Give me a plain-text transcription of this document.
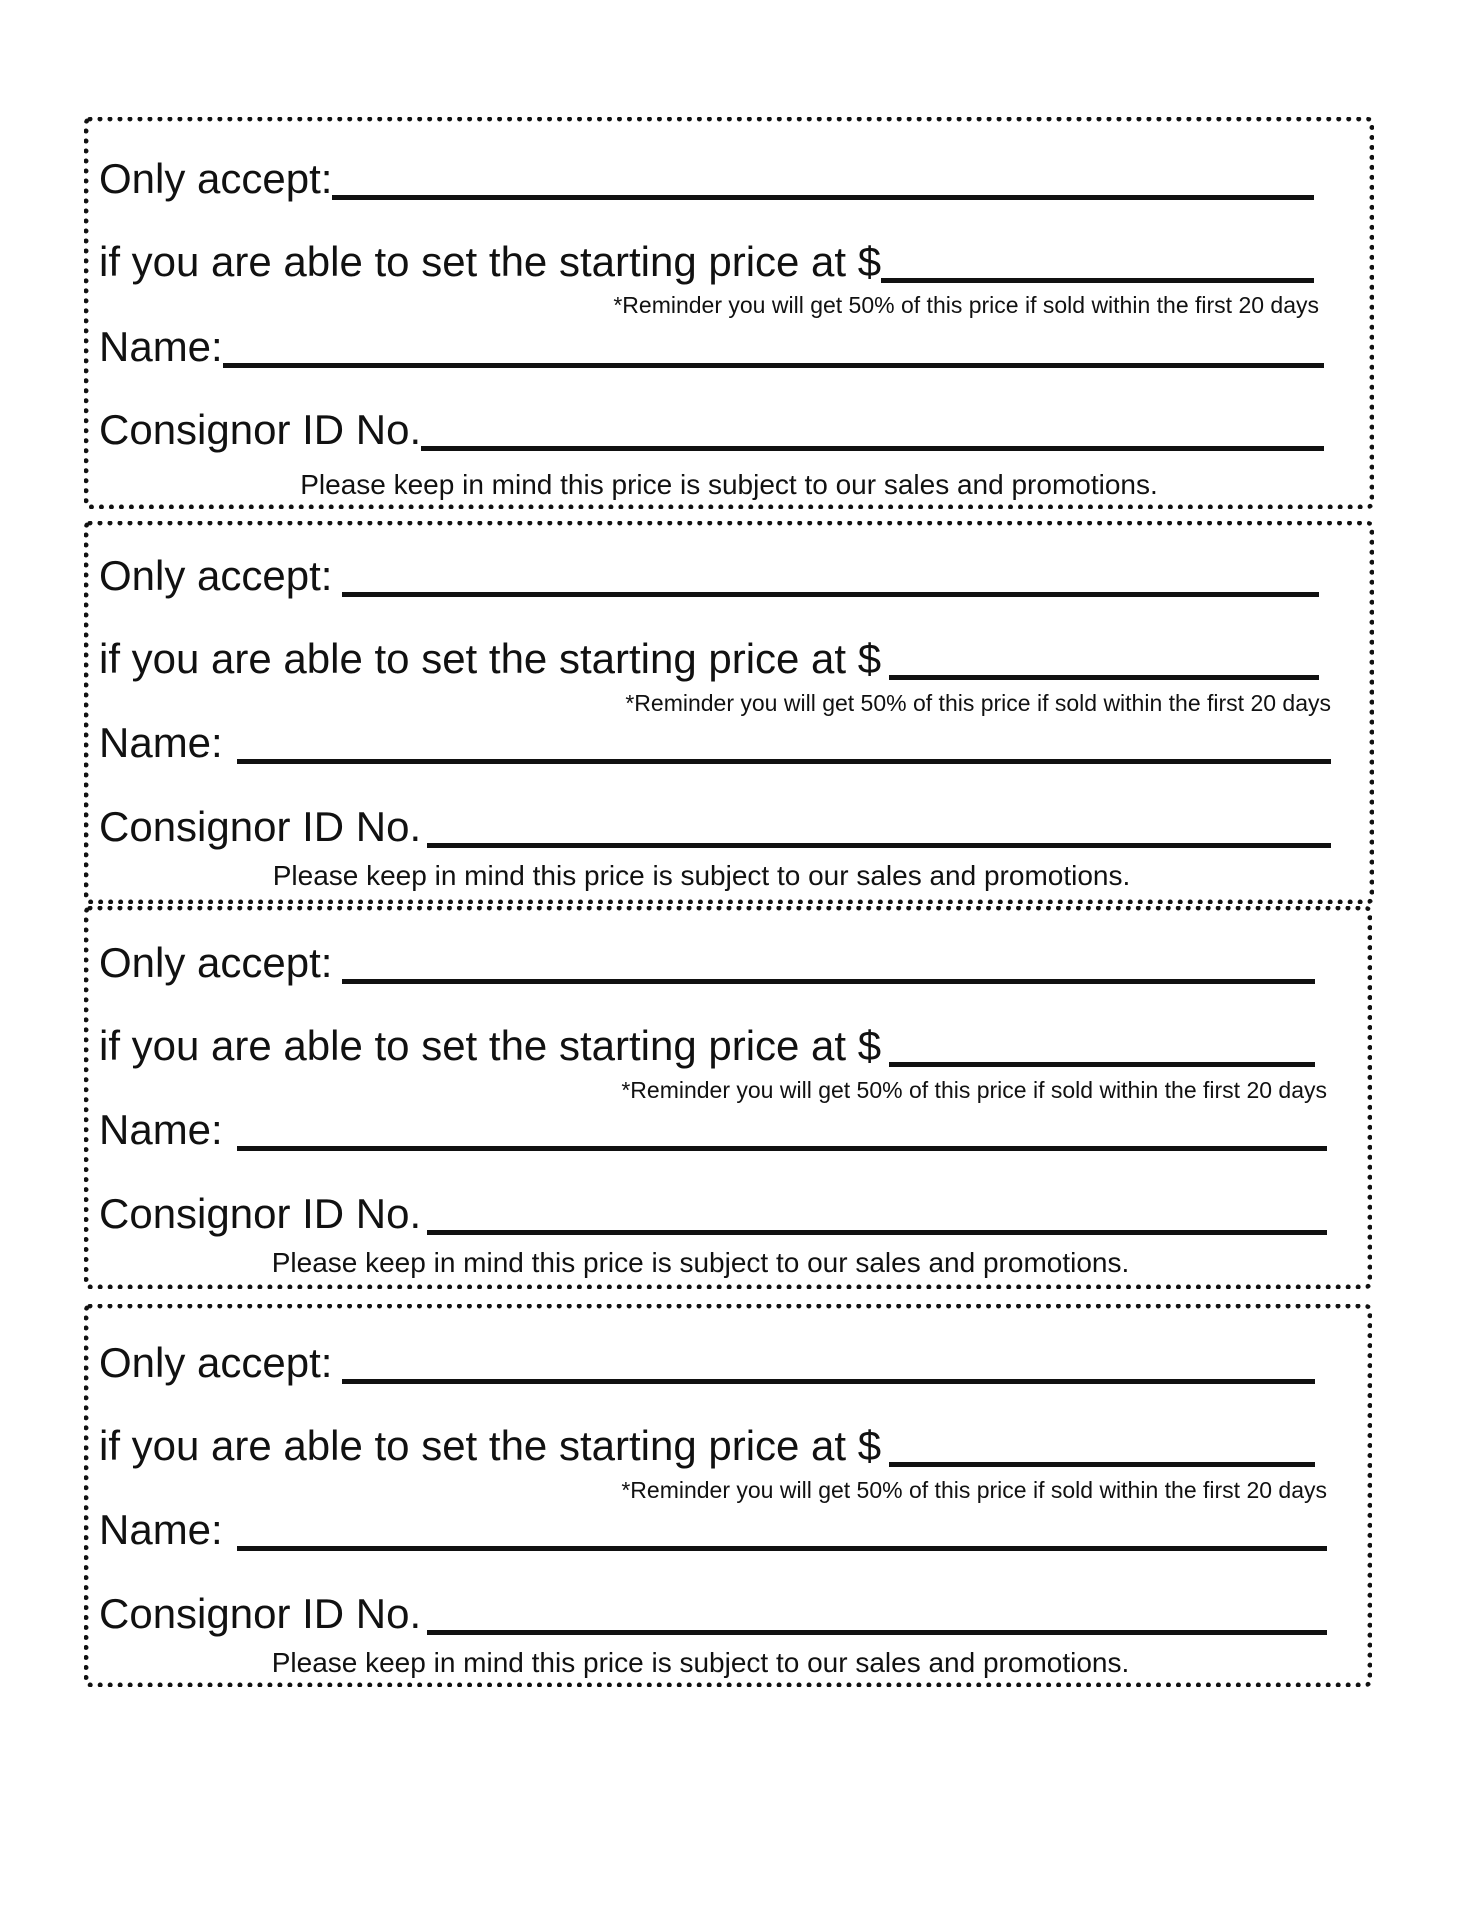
Only accept:
if you are able to set the starting price at $
*Reminder you will get 50% of this price if sold within the first 20 days
Name:
Consignor ID No.
Please keep in mind this price is subject to our sales and promotions.
Only accept:
if you are able to set the starting price at $
*Reminder you will get 50% of this price if sold within the first 20 days
Name:
Consignor ID No.
Please keep in mind this price is subject to our sales and promotions.
Only accept:
if you are able to set the starting price at $
*Reminder you will get 50% of this price if sold within the first 20 days
Name:
Consignor ID No.
Please keep in mind this price is subject to our sales and promotions.
Only accept:
if you are able to set the starting price at $
*Reminder you will get 50% of this price if sold within the first 20 days
Name:
Consignor ID No.
Please keep in mind this price is subject to our sales and promotions.
